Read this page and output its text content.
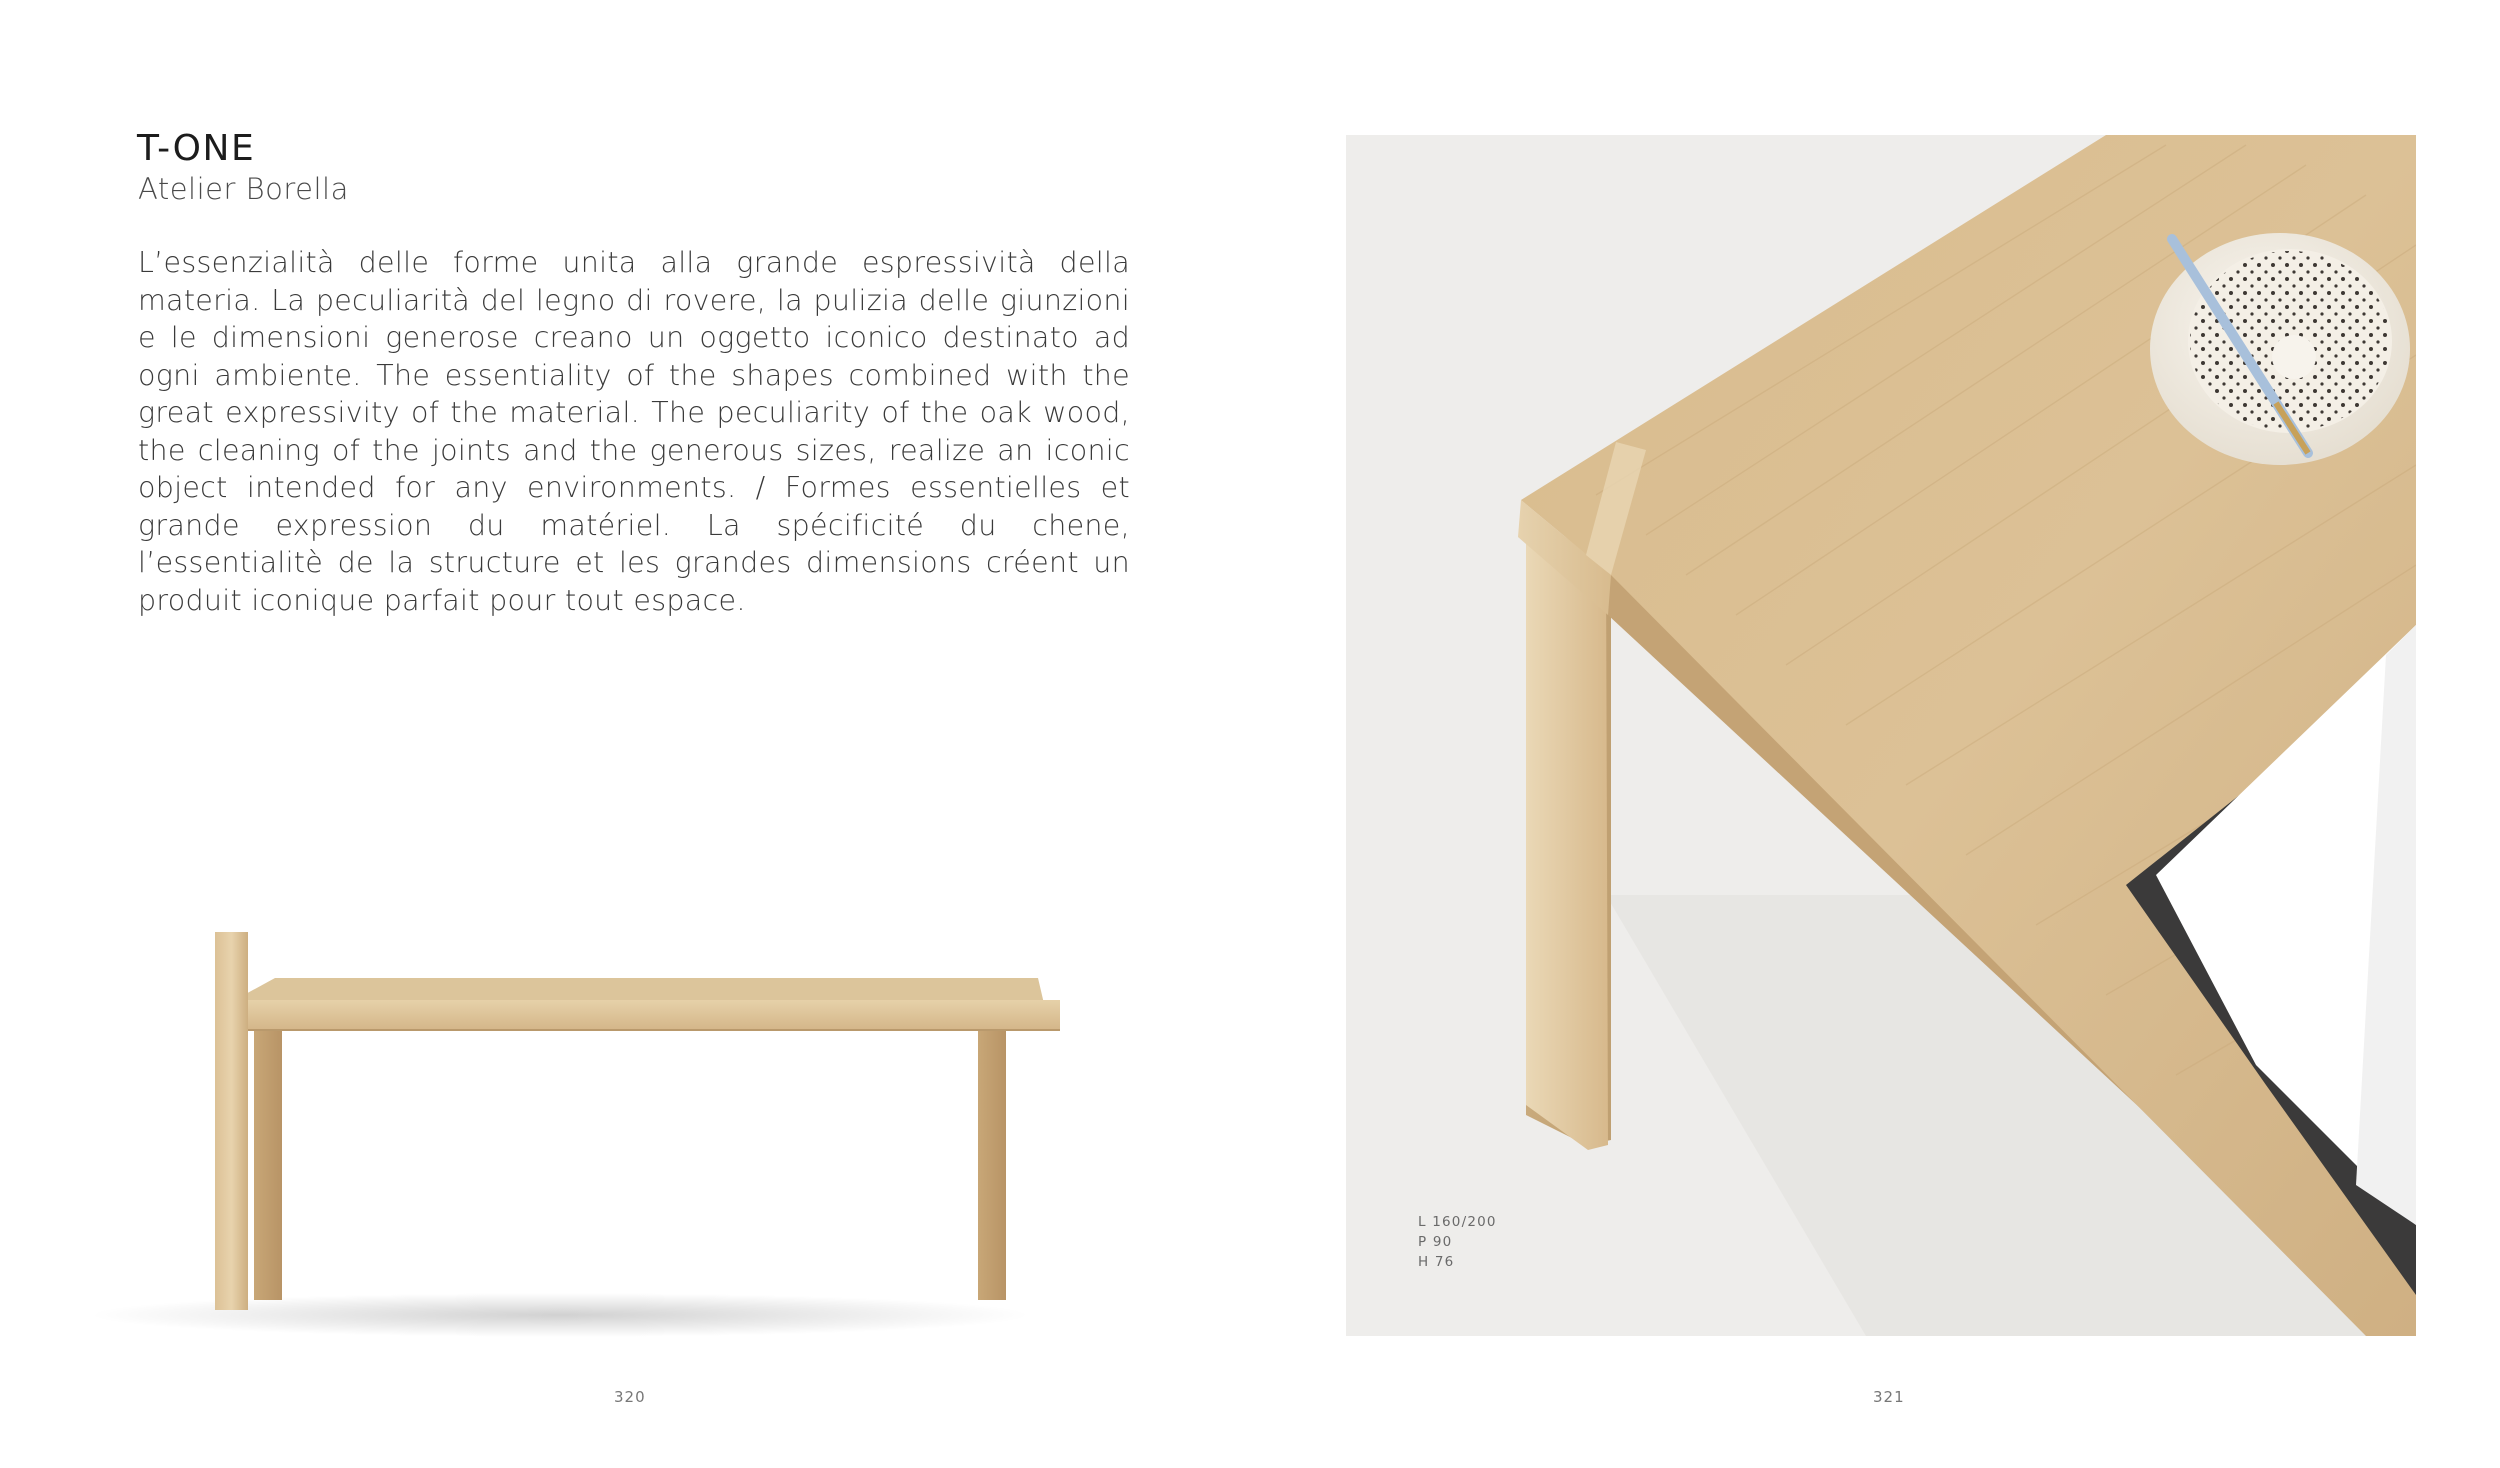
T-ONE
Atelier Borella

L’essenzialità delle forme unita alla grande espressività della materia. La peculiarità del legno di rovere, la pulizia delle giunzioni e le dimensioni generose creano un oggetto iconico destinato ad ogni ambiente. The essentiality of the shapes combined with the great expressivity of the material. The peculiarity of the oak wood, the cleaning of the joints and the generous sizes, realize an iconic object intended for any environments. / Formes essentielles et grande expression du matériel. La spécificité du chene, l’essentialitè de la structure et les grandes dimensions créent un produit iconique parfait pour tout espace.

320
L 160/200
P 90
H 76
321
